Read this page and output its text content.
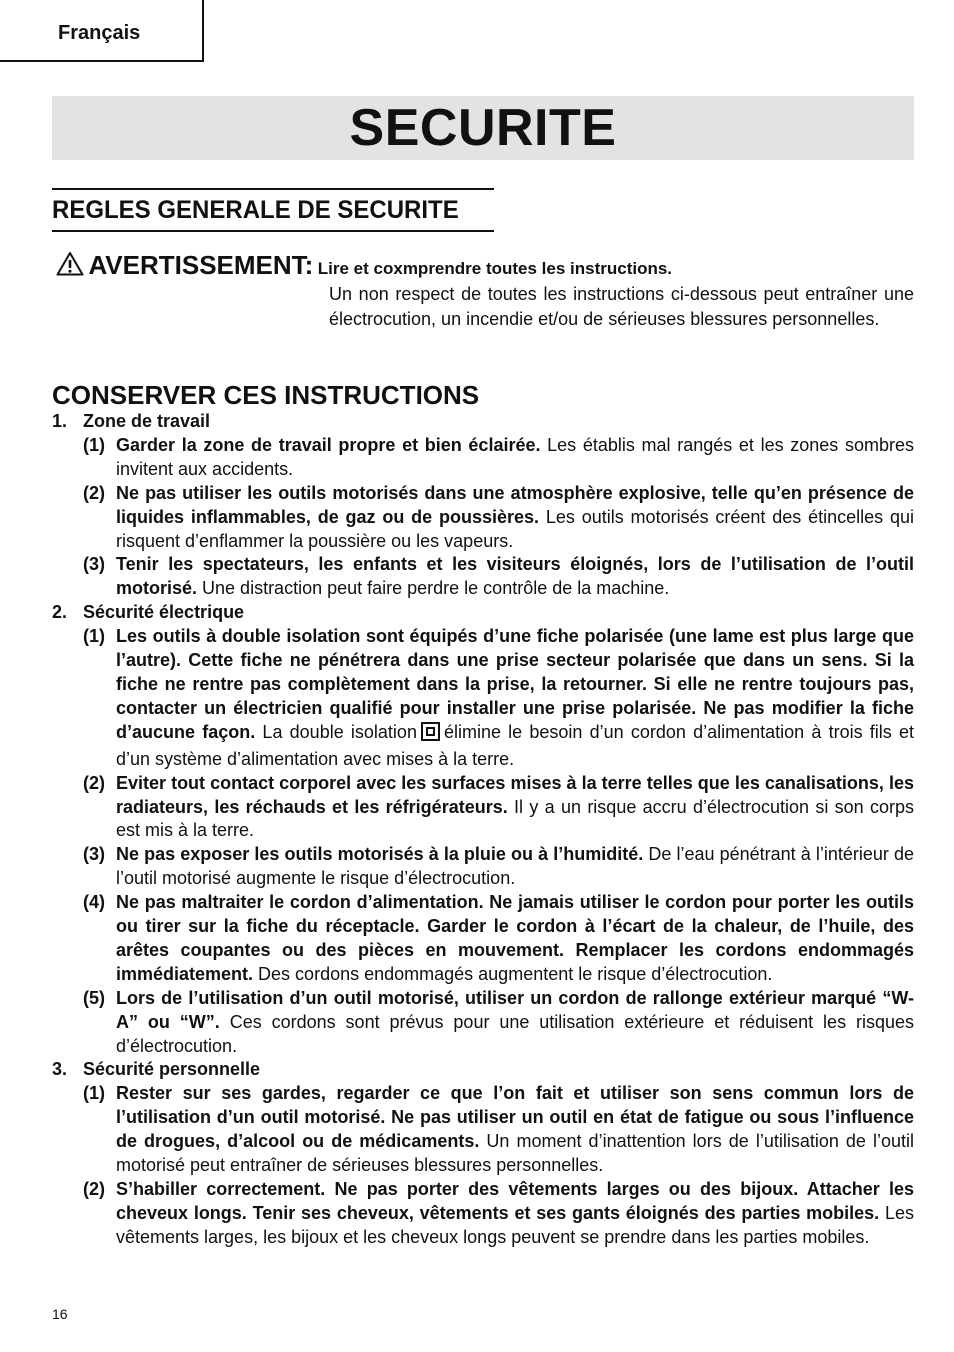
Français
SECURITE
REGLES GENERALE DE SECURITE
AVERTISSEMENT: Lire et coxmprendre toutes les instructions.

Un non respect de toutes les instructions ci-dessous peut entraîner une électrocution, un incendie et/ou de sérieuses blessures personnelles.

CONSERVER CES INSTRUCTIONS
1. Zone de travail
(1) Garder la zone de travail propre et bien éclairée. Les établis mal rangés et les zones sombres invitent aux accidents.
(2) Ne pas utiliser les outils motorisés dans une atmosphère explosive, telle qu’en présence de liquides inflammables, de gaz ou de poussières. Les outils motorisés créent des étincelles qui risquent d’enflammer la poussière ou les vapeurs.
(3) Tenir les spectateurs, les enfants et les visiteurs éloignés, lors de l’utilisation de l’outil motorisé. Une distraction peut faire perdre le contrôle de la machine.
2. Sécurité électrique
(1) Les outils à double isolation sont équipés d’une fiche polarisée (une lame est plus large que l’autre). Cette fiche ne pénétrera dans une prise secteur polarisée que dans un sens. Si la fiche ne rentre pas complètement dans la prise, la retourner. Si elle ne rentre toujours pas, contacter un électricien qualifié pour installer une prise polarisée. Ne pas modifier la fiche d’aucune façon. La double isolation élimine le besoin d’un cordon d’alimentation à trois fils et d’un système d’alimentation avec mises à la terre.
(2) Eviter tout contact corporel avec les surfaces mises à la terre telles que les canalisations, les radiateurs, les réchauds et les réfrigérateurs. Il y a un risque accru d’électrocution si son corps est mis à la terre.
(3) Ne pas exposer les outils motorisés à la pluie ou à l’humidité. De l’eau pénétrant à l’intérieur de l’outil motorisé augmente le risque d’électrocution.
(4) Ne pas maltraiter le cordon d’alimentation. Ne jamais utiliser le cordon pour porter les outils ou tirer sur la fiche du réceptacle. Garder le cordon à l’écart de la chaleur, de l’huile, des arêtes coupantes ou des pièces en mouvement. Remplacer les cordons endommagés immédiatement. Des cordons endommagés augmentent le risque d’électrocution.
(5) Lors de l’utilisation d’un outil motorisé, utiliser un cordon de rallonge extérieur marqué “W-A” ou “W”. Ces cordons sont prévus pour une utilisation extérieure et réduisent les risques d’électrocution.
3. Sécurité personnelle
(1) Rester sur ses gardes, regarder ce que l’on fait et utiliser son sens commun lors de l’utilisation d’un outil motorisé. Ne pas utiliser un outil en état de fatigue ou sous l’influence de drogues, d’alcool ou de médicaments. Un moment d’inattention lors de l’utilisation de l’outil motorisé peut entraîner de sérieuses blessures personnelles.
(2) S’habiller correctement. Ne pas porter des vêtements larges ou des bijoux. Attacher les cheveux longs. Tenir ses cheveux, vêtements et ses gants éloignés des parties mobiles. Les vêtements larges, les bijoux et les cheveux longs peuvent se prendre dans les parties mobiles.
16
